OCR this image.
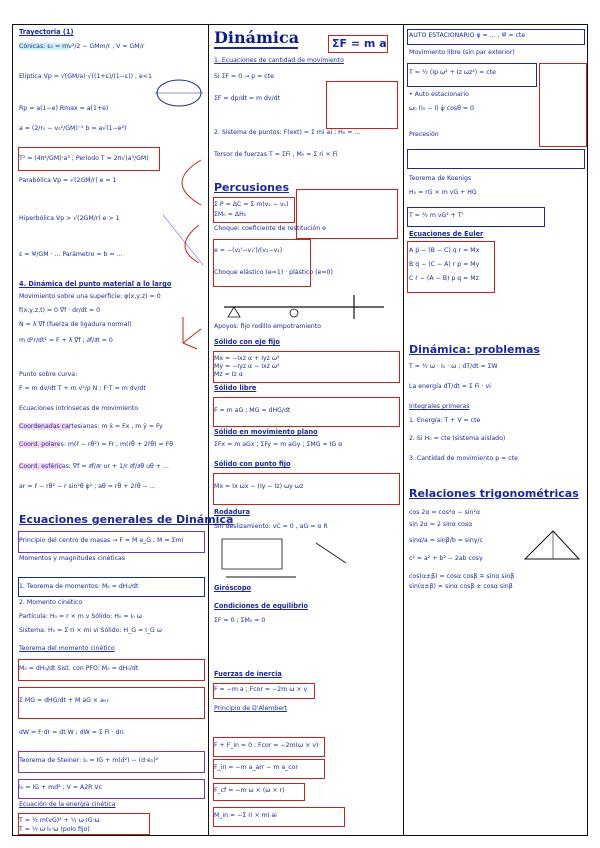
Trayectoria (1)
Cónicas: ε₀ = mv²/2 − GMm/r , V = GM/r
Elíptica Vp = √(GM/a)·√((1+ε)/(1−ε)) , e<1
Rp = a(1−e) Rmax = a(1+e)
a = (2/r₀ − v₀²/GM)⁻¹ b = a√(1−e²)
T² = (4π²/GM)·a³ ; Período T = 2π√(a³/GM)
Parabólica Vp = √(2GM/r) e = 1
Hiperbólica Vp > √(2GM/r) e > 1
ε = Ψ/GM · ... Parámetro = b = ...
4. Dinámica del punto material a lo largo
Movimiento sobre una superficie: φ(x,y,z) = 0
f(x,y,z,t) = 0 ∇f · dr/dt = 0
N = λ ∇f (fuerza de ligadura normal)
m d²r/dt² = F + λ ∇f ; ∂f/∂t = 0
Punto sobre curva:
F = m dv/dt T + m v²/ρ N ; F·T = m dv/dt
Ecuaciones intrínsecas de movimiento
Coordenadas cartesianas: m ẍ = Fx , m ÿ = Fy
Coord. polares: m(r̈ − rθ̇²) = Fr ; m(rθ̈ + 2ṙθ̇) = Fθ
Coord. esféricas: ∇f = ∂f/∂r ur + 1/r ∂f/∂θ uθ + ...
ar = r̈ − rθ̇² − r sin²θ φ̇² ; aθ = rθ̈ + 2ṙθ̇ − ...
Ecuaciones generales de Dinámica
Principio del centro de masas → F = M a_G ; M = Σmi
Momentos y magnitudes cinéticas
1. Teorema de momentos: M₀ = dH₀/dt
2. Momento cinético
Partícula: H₀ = r × m v Sólido: H₀ = I₀ ω
Sistema: H₀ = Σ ri × mi vi Sólido: H_G = I_G ω
Teorema del momento cinético
M₀ = dH₀/dt Sist. con PFO: M₀ = dH₀/dt
Σ MG = dHG/dt + M aG × a₀₁
dW = F·dr = dt W ; dW = Σ Fi · dri
Teorema de Steiner: I₀ = IG + m(d²) − (d·e₁)²
I₀ = IG + md² ; V = A2R Vc
Ecuación de la energía cinética
T = ½ m(vG)² + ½ ω·IG·ω
T = ½ ω·I₀·ω (polo fijo)
Dinámica	ΣF = m a
1. Ecuaciones de cantidad de movimiento
Si ΣF = 0 → p = cte
ΣF = dp/dt = m dv/dt
2. Sistema de puntos: F(ext) = Σ mi ai ; H₀ = ...
Torsor de fuerzas T = ΣFi , M₀ = Σ ri × Fi
Percusiones
Σ P = ΔC = Σ m(v₂ − v₁)
ΣM₀ = ΔH₀
Choque: coeficiente de restitución e
e = −(v₂'−v₁')/(v₂−v₁)
Choque elástico (e=1) · plástico (e=0)
Apoyos: fijo rodillo empotramiento
Sólido con eje fijo
Mx = −Ixz α + Iyz ω²
My = −Iyz α − Ixz ω²
Mz = Iz α
Sólido libre
F = m aG ; MG = dHG/dt
Sólido en movimiento plano
ΣFx = m aGx ; ΣFy = m aGy ; ΣMG = IG α
Sólido con punto fijo
Mx = Ix ω̇x − (Iy − Iz) ωy ωz
Rodadura
Sin deslizamiento: vC = 0 , aG = α R
Giróscopo
Condiciones de equilibrio
ΣF = 0 ; ΣM₀ = 0
Fuerzas de inercia
F = −m a ; Fcor = −2m ω × v
Principio de D'Alembert
F + F_in = 0 ; Fcor = −2m(ω × v)
F_in = −m a_arr − m a_cor
F_cf = −m ω × (ω × r)
M_in = −Σ ri × mi ai
AUTO ESTACIONARIO φ̇ = ... , Ψ̇ = cte
Movimiento libre (sin par exterior)
T = ½ (Ip ω² + Iz ωz²) = cte
• Auto estacionario
ω₀ (I₀ − I) ψ̇ cosθ = 0
Precesión
Teorema de Koenigs
H₀ = rG × m vG + HG
T = ½ m vG² + T'
Ecuaciones de Euler
A ṗ − (B − C) q r = Mx
B q̇ − (C − A) r p = My
C ṙ − (A − B) p q = Mz
Dinámica: problemas
T = ½ ω · I₀ · ω ; dT/dt = ΣW
La energía dT/dt = Σ Fi · vi
Integrales primeras
1. Energía: T + V = cte
2. Si H₀ = cte (sistema aislado)
3. Cantidad de movimiento p = cte
Relaciones trigonométricas
cos 2α = cos²α − sin²α
sin 2α = 2 sinα cosα
sinα/a = sinβ/b = sinγ/c
c² = a² + b² − 2ab cosγ
cos(α±β) = cosα cosβ ∓ sinα sinβ
sin(α±β) = sinα cosβ ± cosα sinβ
